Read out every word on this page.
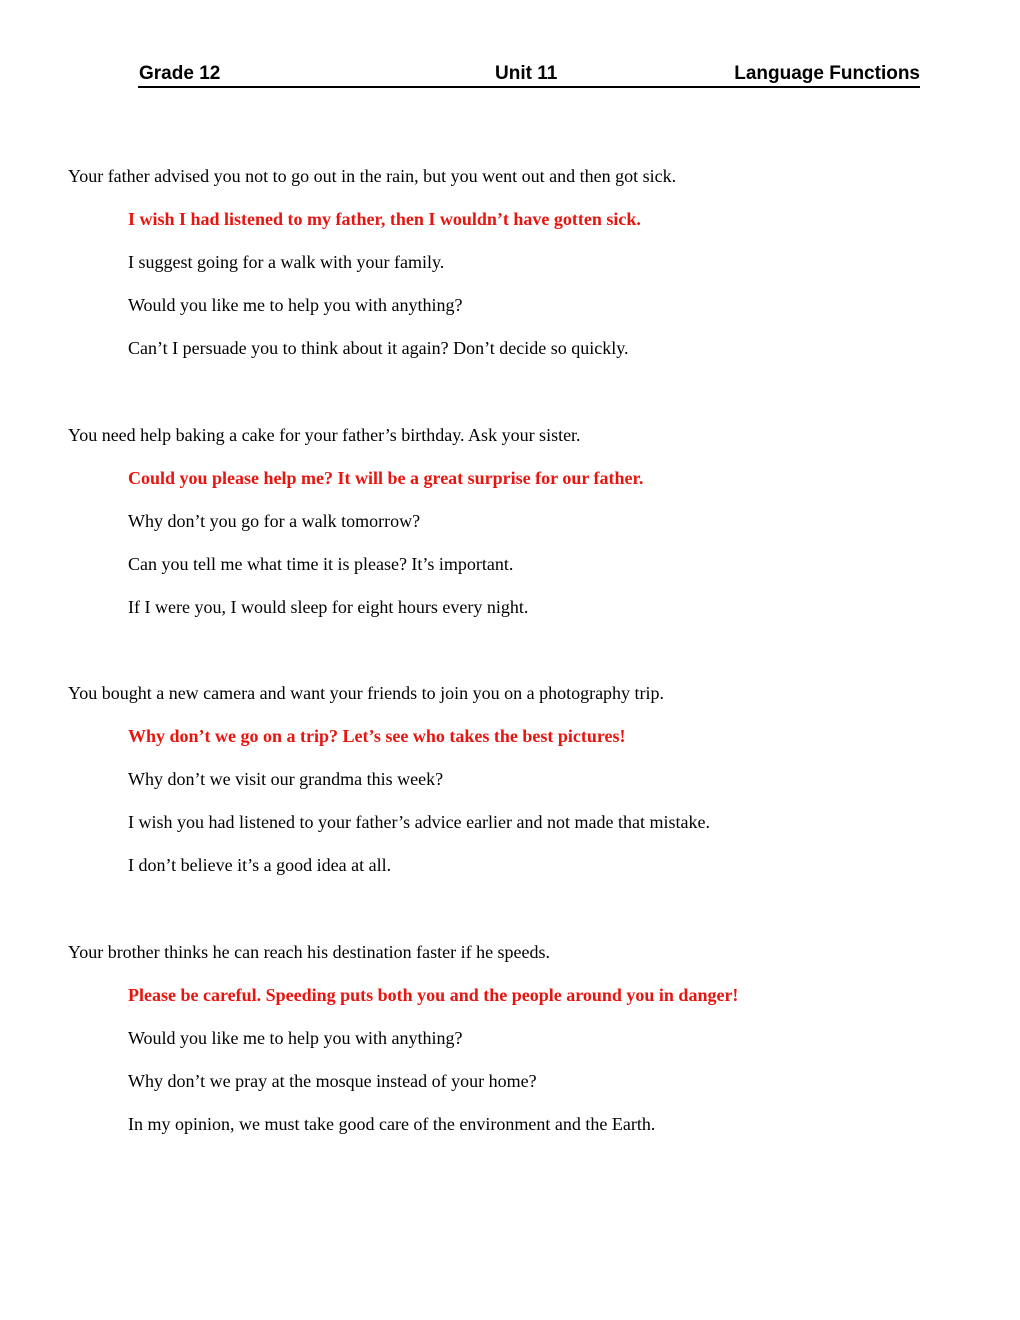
Grade 12	Unit 11	Language Functions
Your father advised you not to go out in the rain, but you went out and then got sick.
I wish I had listened to my father, then I wouldn’t have gotten sick.
I suggest going for a walk with your family.
Would you like me to help you with anything?
Can’t I persuade you to think about it again? Don’t decide so quickly.
You need help baking a cake for your father’s birthday. Ask your sister.
Could you please help me? It will be a great surprise for our father.
Why don’t you go for a walk tomorrow?
Can you tell me what time it is please? It’s important.
If I were you, I would sleep for eight hours every night.
You bought a new camera and want your friends to join you on a photography trip.
Why don’t we go on a trip? Let’s see who takes the best pictures!
Why don’t we visit our grandma this week?
I wish you had listened to your father’s advice earlier and not made that mistake.
I don’t believe it’s a good idea at all.
Your brother thinks he can reach his destination faster if he speeds.
Please be careful. Speeding puts both you and the people around you in danger!
Would you like me to help you with anything?
Why don’t we pray at the mosque instead of your home?
In my opinion, we must take good care of the environment and the Earth.
